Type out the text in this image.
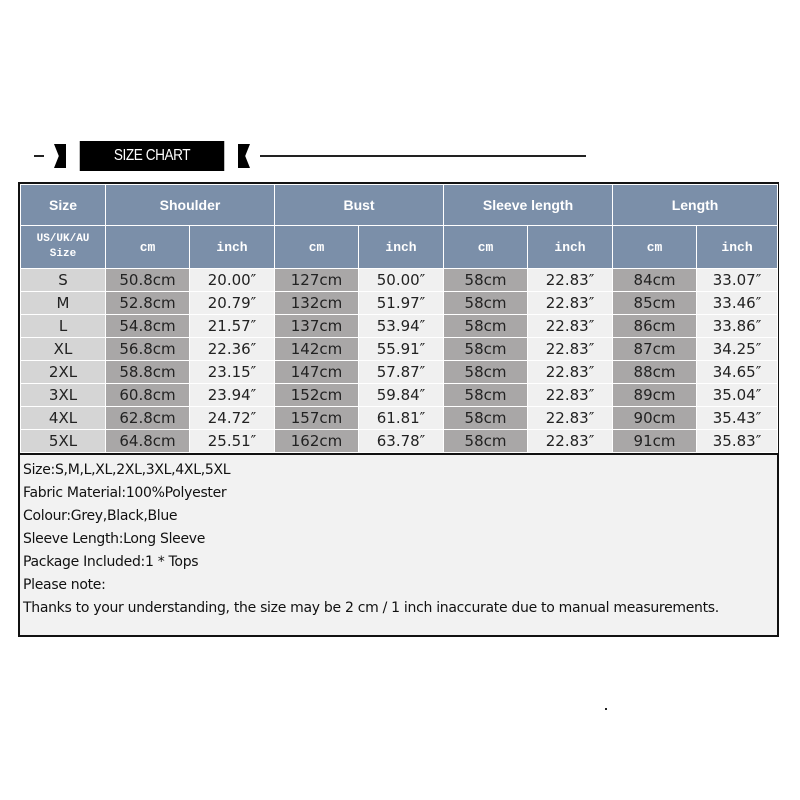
SIZE CHART
Size	Shoulder		Bust		Sleeve length		Length	

US/UK/AU
Size	cm	inch	cm	inch	cm	inch	cm	inch
S	50.8cm	20.00″	127cm	50.00″	58cm	22.83″	84cm	33.07″
M	52.8cm	20.79″	132cm	51.97″	58cm	22.83″	85cm	33.46″
L	54.8cm	21.57″	137cm	53.94″	58cm	22.83″	86cm	33.86″
XL	56.8cm	22.36″	142cm	55.91″	58cm	22.83″	87cm	34.25″
2XL	58.8cm	23.15″	147cm	57.87″	58cm	22.83″	88cm	34.65″
3XL	60.8cm	23.94″	152cm	59.84″	58cm	22.83″	89cm	35.04″
4XL	62.8cm	24.72″	157cm	61.81″	58cm	22.83″	90cm	35.43″
5XL	64.8cm	25.51″	162cm	63.78″	58cm	22.83″	91cm	35.83″
Size:S,M,L,XL,2XL,3XL,4XL,5XL
Fabric Material:100%Polyester
Colour:Grey,Black,Blue
Sleeve Length:Long Sleeve
Package Included:1 * Tops
Please note:
Thanks to your understanding, the size may be 2 cm / 1 inch inaccurate due to manual measurements.
